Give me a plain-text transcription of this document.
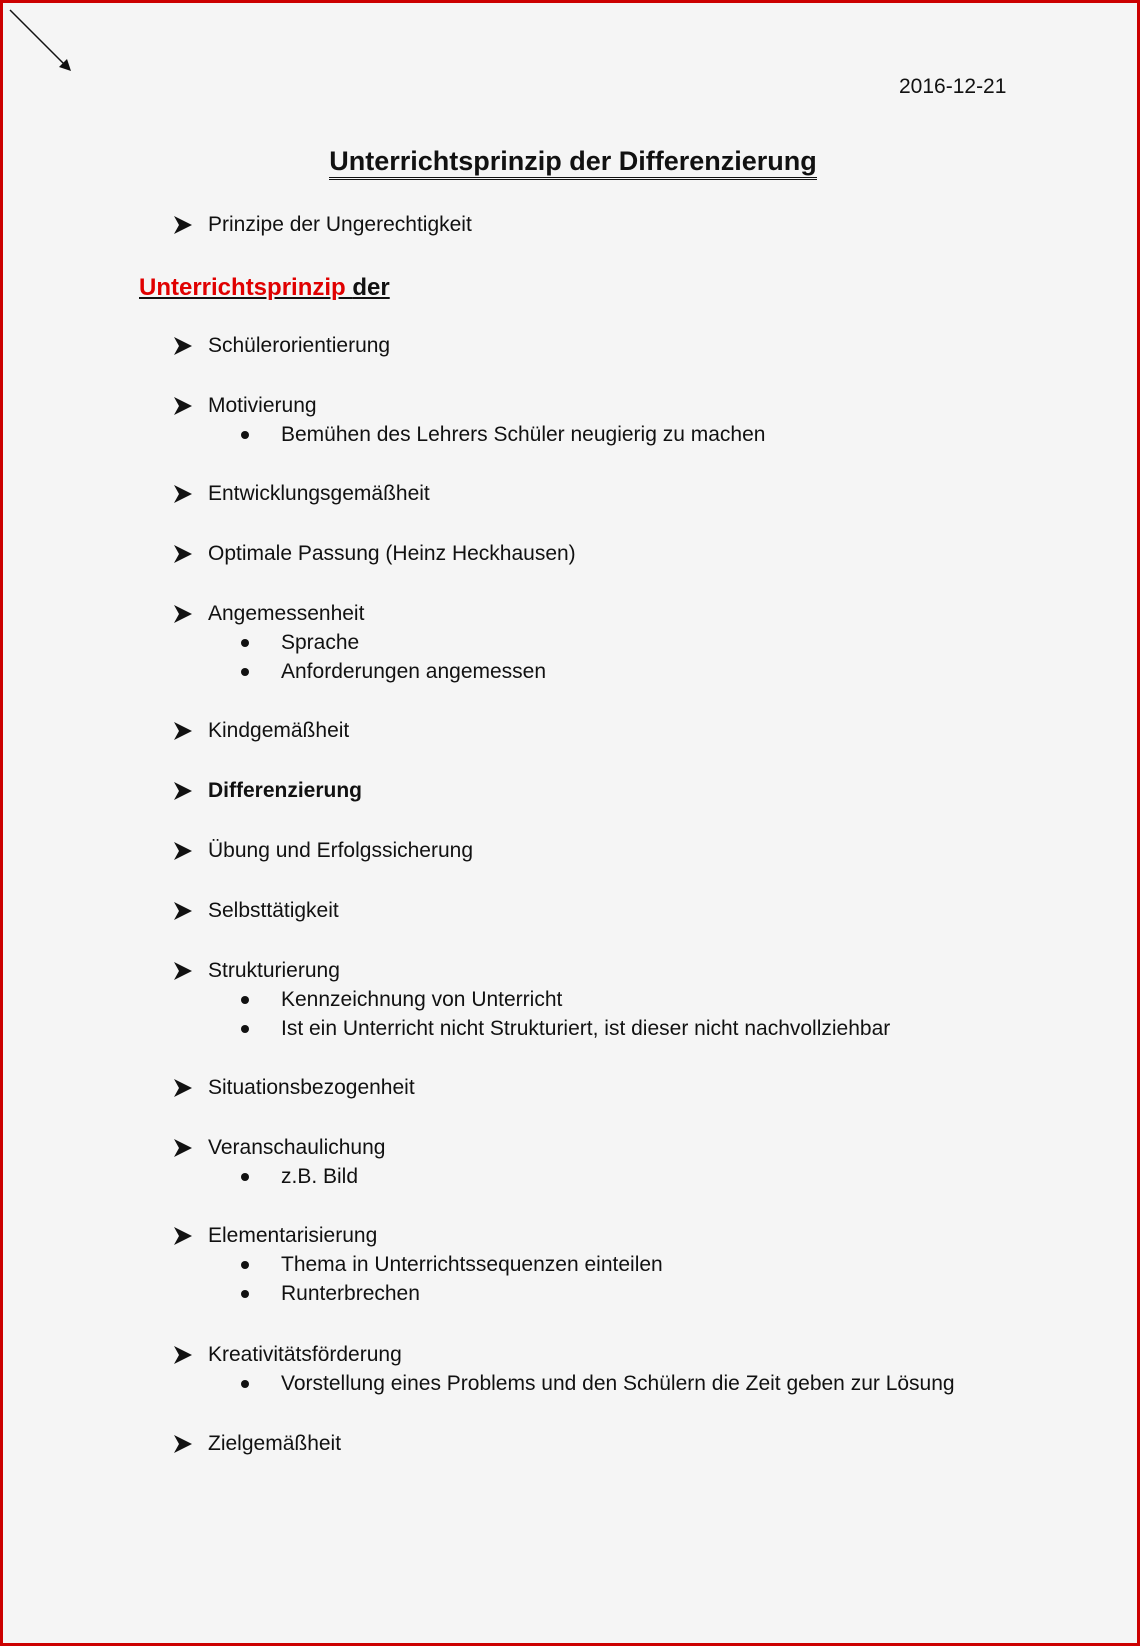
2016-12-21
Unterrichtsprinzip der Differenzierung
Prinzipe der Ungerechtigkeit
Unterrichtsprinzip der
Schülerorientierung
Motivierung
Bemühen des Lehrers Schüler neugierig zu machen
Entwicklungsgemäßheit
Optimale Passung (Heinz Heckhausen)
Angemessenheit
Sprache
Anforderungen angemessen
Kindgemäßheit
Differenzierung
Übung und Erfolgssicherung
Selbsttätigkeit
Strukturierung
Kennzeichnung von Unterricht
Ist ein Unterricht nicht Strukturiert, ist dieser nicht nachvollziehbar
Situationsbezogenheit
Veranschaulichung
z.B. Bild
Elementarisierung
Thema in Unterrichtssequenzen einteilen
Runterbrechen
Kreativitätsförderung
Vorstellung eines Problems und den Schülern die Zeit geben zur Lösung
Zielgemäßheit
